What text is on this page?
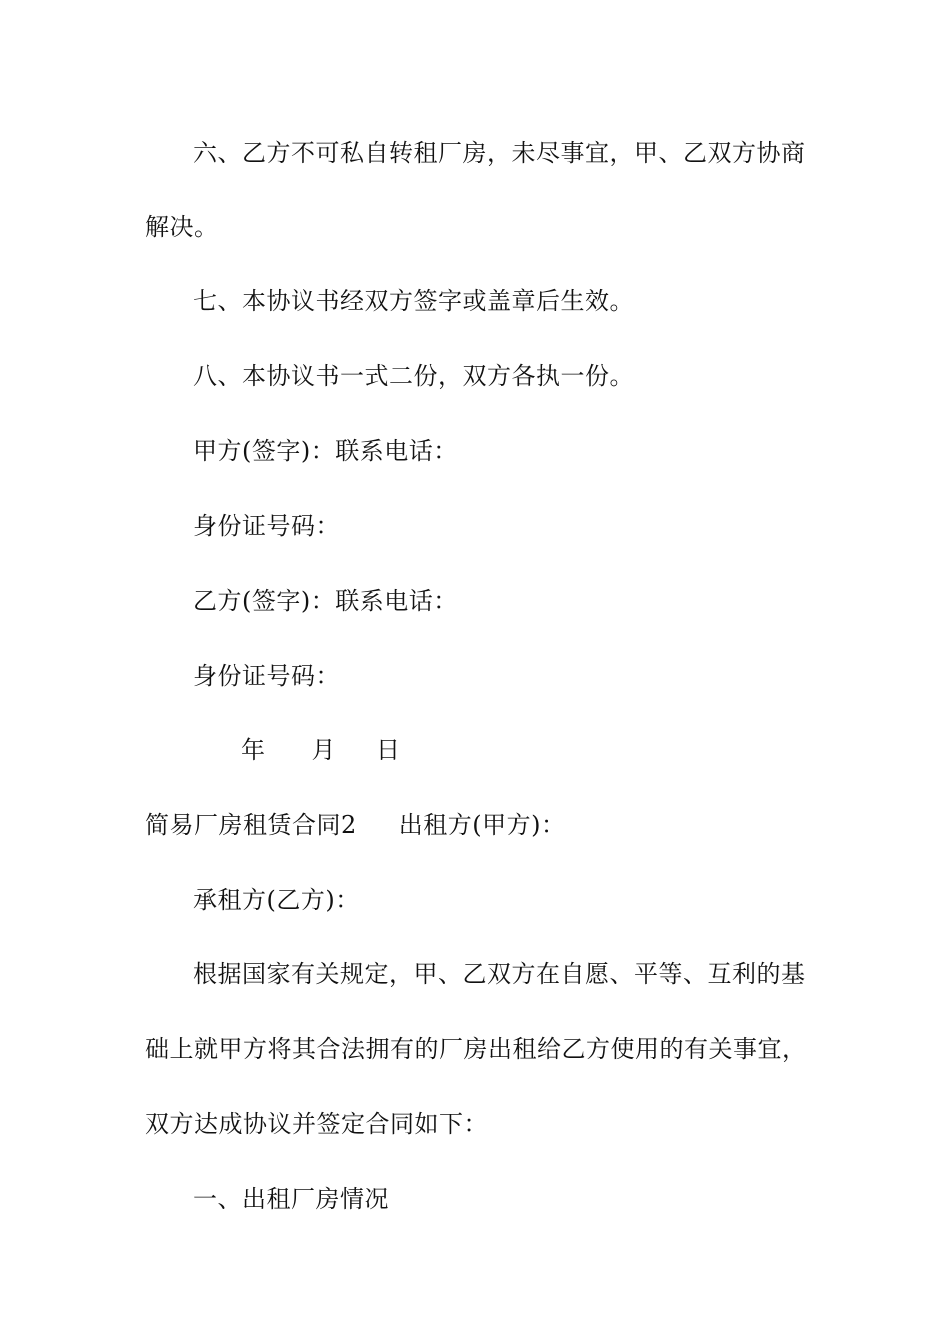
六、乙方不可私自转租厂房，未尽事宜，甲、乙双方协商
解决。
七、本协议书经双方签字或盖章后生效。
八、本协议书一式二份，双方各执一份。
甲方(签字)：联系电话：
身份证号码：
乙方(签字)：联系电话：
身份证号码：
年 月 日
简易厂房租赁合同2 出租方(甲方)：
承租方(乙方)：
根据国家有关规定，甲、乙双方在自愿、平等、互利的基
础上就甲方将其合法拥有的厂房出租给乙方使用的有关事宜，
双方达成协议并签定合同如下：
一、出租厂房情况
